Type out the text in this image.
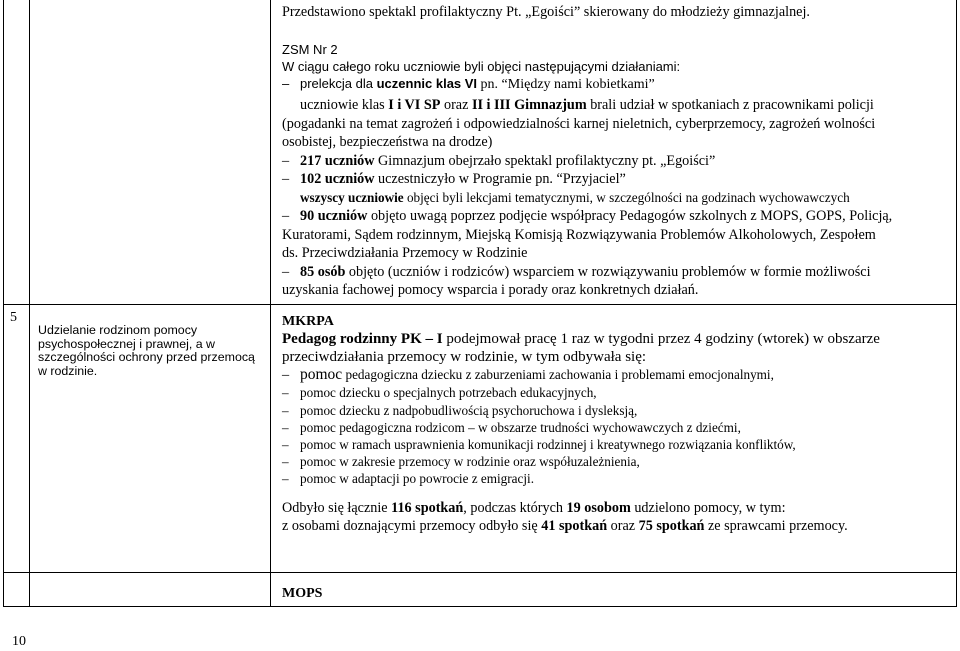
Przedstawiono spektakl profilaktyczny Pt. „Egoiści” skierowany do młodzieży gimnazjalnej.
ZSM Nr 2
W ciągu całego roku uczniowie byli objęci następującymi działaniami:
– prelekcja dla uczennic klas VI pn. “Między nami kobietkami”
uczniowie klas I i VI SP oraz II i III Gimnazjum brali udział w spotkaniach z pracownikami policji
(pogadanki na temat zagrożeń i odpowiedzialności karnej nieletnich, cyberprzemocy, zagrożeń wolności
osobistej, bezpieczeństwa na drodze)
– 217 uczniów Gimnazjum obejrzało spektakl profilaktyczny pt. „Egoiści”
– 102 uczniów uczestniczyło w Programie pn. “Przyjaciel”
wszyscy uczniowie objęci byli lekcjami tematycznymi, w szczególności na godzinach wychowawczych
– 90 uczniów objęto uwagą poprzez podjęcie współpracy Pedagogów szkolnych z MOPS, GOPS, Policją,
Kuratorami, Sądem rodzinnym, Miejską Komisją Rozwiązywania Problemów Alkoholowych, Zespołem
ds. Przeciwdziałania Przemocy w Rodzinie
– 85 osób objęto (uczniów i rodziców) wsparciem w rozwiązywaniu problemów w formie możliwości
uzyskania fachowej pomocy wsparcia i porady oraz konkretnych działań.
5
Udzielanie rodzinom pomocy psychospołecznej i prawnej, a w szczególności ochrony przed przemocą w rodzinie.
MKRPA
Pedagog rodzinny PK – I podejmował pracę 1 raz w tygodni przez 4 godziny (wtorek) w obszarze
przeciwdziałania przemocy w rodzinie, w tym odbywała się:
– pomoc pedagogiczna dziecku z zaburzeniami zachowania i problemami emocjonalnymi,
– pomoc dziecku o specjalnych potrzebach edukacyjnych,
– pomoc dziecku z nadpobudliwością psychoruchowa i dysleksją,
– pomoc pedagogiczna rodzicom – w obszarze trudności wychowawczych z dziećmi,
– pomoc w ramach usprawnienia komunikacji rodzinnej i kreatywnego rozwiązania konfliktów,
– pomoc w zakresie przemocy w rodzinie oraz współuzależnienia,
– pomoc w adaptacji po powrocie z emigracji.
Odbyło się łącznie 116 spotkań, podczas których 19 osobom udzielono pomocy, w tym:
z osobami doznającymi przemocy odbyło się 41 spotkań oraz 75 spotkań ze sprawcami przemocy.
MOPS
10
